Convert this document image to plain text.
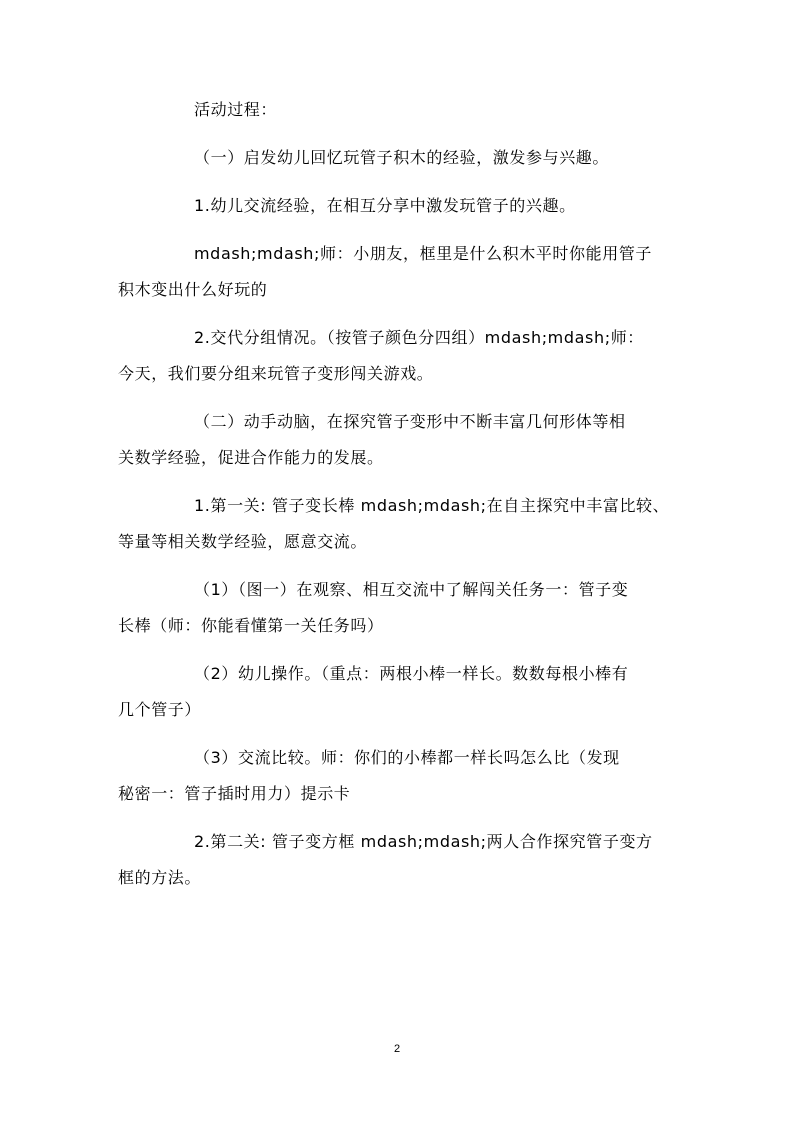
活动过程：

（一）启发幼儿回忆玩管子积木的经验，激发参与兴趣。

1.幼儿交流经验，在相互分享中激发玩管子的兴趣。

mdash;mdash;师：小朋友，框里是什么积木平时你能用管子
积木变出什么好玩的

2.交代分组情况。（按管子颜色分四组）mdash;mdash;师：
今天，我们要分组来玩管子变形闯关游戏。

（二）动手动脑，在探究管子变形中不断丰富几何形体等相
关数学经验，促进合作能力的发展。

1.第一关: 管子变长棒 mdash;mdash;在自主探究中丰富比较、
等量等相关数学经验，愿意交流。

（1）（图一）在观察、相互交流中了解闯关任务一：管子变
长棒（师：你能看懂第一关任务吗）

（2）幼儿操作。（重点：两根小棒一样长。数数每根小棒有
几个管子）

（3）交流比较。师：你们的小棒都一样长吗怎么比（发现
秘密一：管子插时用力）提示卡

2.第二关: 管子变方框 mdash;mdash;两人合作探究管子变方
框的方法。

2
